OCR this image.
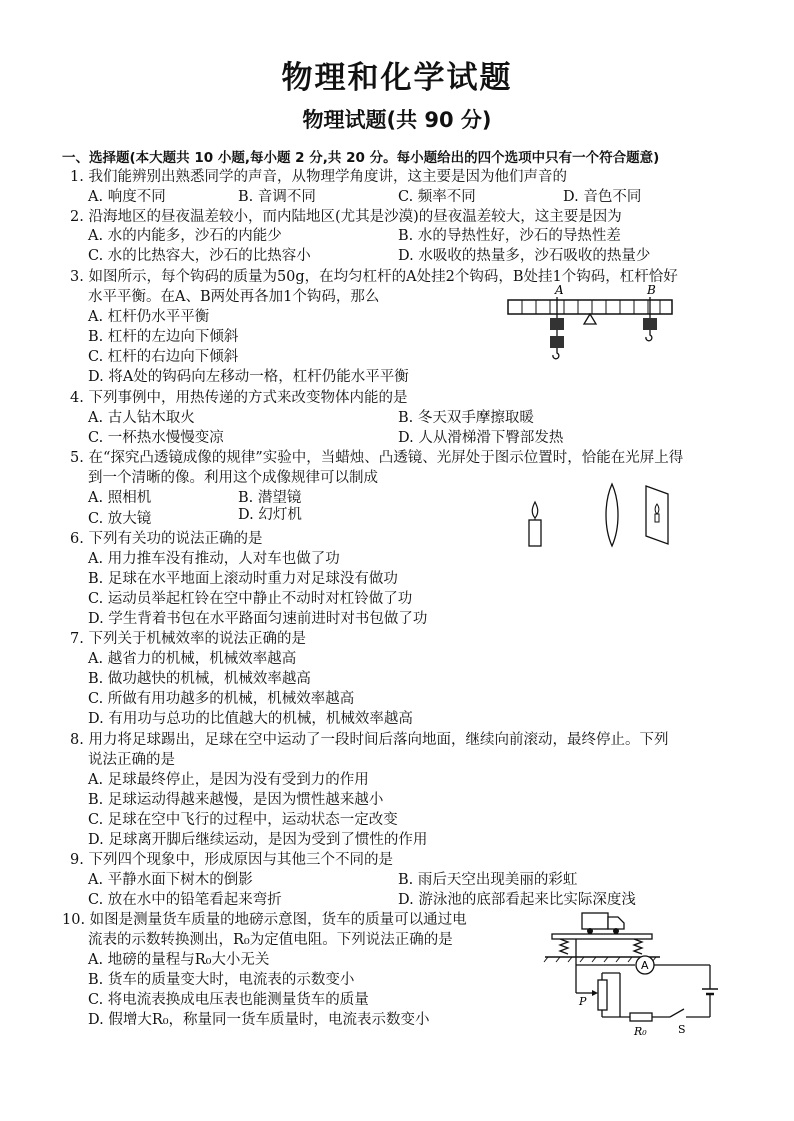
物理和化学试题
物理试题(共 90 分)
一、选择题(本大题共 10 小题,每小题 2 分,共 20 分。每小题给出的四个选项中只有一个符合题意)
1. 我们能辨别出熟悉同学的声音，从物理学角度讲，这主要是因为他们声音的
A. 响度不同	B. 音调不同	C. 频率不同	D. 音色不同
2. 沿海地区的昼夜温差较小，而内陆地区(尤其是沙漠)的昼夜温差较大，这主要是因为
A. 水的内能多，沙石的内能少	B. 水的导热性好，沙石的导热性差
C. 水的比热容大，沙石的比热容小	D. 水吸收的热量多，沙石吸收的热量少
3. 如图所示，每个钩码的质量为50g，在均匀杠杆的A处挂2个钩码，B处挂1个钩码，杠杆恰好
水平平衡。在A、B两处再各加1个钩码，那么
A. 杠杆仍水平平衡
B. 杠杆的左边向下倾斜
C. 杠杆的右边向下倾斜
D. 将A处的钩码向左移动一格，杠杆仍能水平平衡
A	B
4. 下列事例中，用热传递的方式来改变物体内能的是
A. 古人钻木取火	B. 冬天双手摩擦取暖
C. 一杯热水慢慢变凉	D. 人从滑梯滑下臀部发热
5. 在“探究凸透镜成像的规律”实验中，当蜡烛、凸透镜、光屏处于图示位置时，恰能在光屏上得
到一个清晰的像。利用这个成像规律可以制成
A. 照相机	B. 潜望镜
C. 放大镜	D. 幻灯机
6. 下列有关功的说法正确的是
A. 用力推车没有推动，人对车也做了功
B. 足球在水平地面上滚动时重力对足球没有做功
C. 运动员举起杠铃在空中静止不动时对杠铃做了功
D. 学生背着书包在水平路面匀速前进时对书包做了功
7. 下列关于机械效率的说法正确的是
A. 越省力的机械，机械效率越高
B. 做功越快的机械，机械效率越高
C. 所做有用功越多的机械，机械效率越高
D. 有用功与总功的比值越大的机械，机械效率越高
8. 用力将足球踢出，足球在空中运动了一段时间后落向地面，继续向前滚动，最终停止。下列
说法正确的是
A. 足球最终停止，是因为没有受到力的作用
B. 足球运动得越来越慢，是因为惯性越来越小
C. 足球在空中飞行的过程中，运动状态一定改变
D. 足球离开脚后继续运动，是因为受到了惯性的作用
9. 下列四个现象中，形成原因与其他三个不同的是
A. 平静水面下树木的倒影	B. 雨后天空出现美丽的彩虹
C. 放在水中的铅笔看起来弯折	D. 游泳池的底部看起来比实际深度浅
10. 如图是测量货车质量的地磅示意图，货车的质量可以通过电
流表的示数转换测出，R₀为定值电阻。下列说法正确的是
A. 地磅的量程与R₀大小无关
B. 货车的质量变大时，电流表的示数变小
C. 将电流表换成电压表也能测量货车的质量
D. 假增大R₀，称量同一货车质量时，电流表示数变小
A
P
R₀	S
